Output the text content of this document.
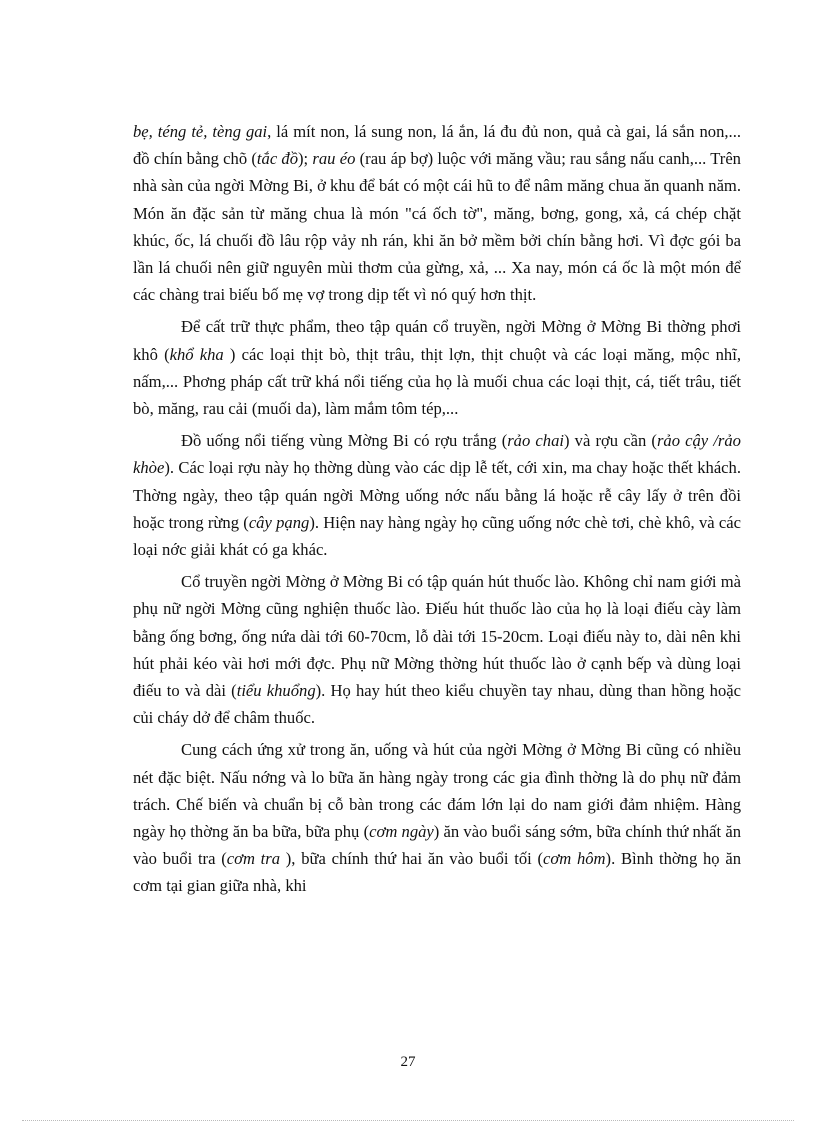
bẹ, téng tẻ, tèng gai, lá mít non, lá sung non, lá ắn, lá đu đủ non, quả cà gai, lá sắn non,... đồ chín bằng chõ (tắc đồ); rau éo (rau áp bợ) luộc với măng vầu; rau sắng nấu canh,... Trên nhà sàn của ngời Mờng Bi, ở khu để bát có một cái hũ to để nâm măng chua ăn quanh năm. Món ăn đặc sản từ măng chua là món "cá ốch tờ", măng, bơng, gong, xả, cá chép chặt khúc, ốc, lá chuối đồ lâu rộp vảy nh rán, khi ăn bở mềm bởi chín bằng hơi. Vì đợc gói ba lần lá chuối nên giữ nguyên mùi thơm của gừng, xả, ... Xa nay, món cá ốc là một món để các chàng trai biếu bố mẹ vợ trong dịp tết vì nó quý hơn thịt.

Để cất trữ thực phẩm, theo tập quán cổ truyền, ngời Mờng ở Mờng Bi thờng phơi khô (khổ kha ) các loại thịt bò, thịt trâu, thịt lợn, thịt chuột và các loại măng, mộc nhĩ, nấm,... Phơng pháp cất trữ khá nổi tiếng của họ là muối chua các loại thịt, cá, tiết trâu, tiết bò, măng, rau cải (muối da), làm mắm tôm tép,...

Đồ uống nổi tiếng vùng Mờng Bi có rợu trắng (rảo chai) và rợu cần (rảo cậy /rảo khòe). Các loại rợu này họ thờng dùng vào các dịp lễ tết, cới xin, ma chay hoặc thết khách. Thờng ngày, theo tập quán ngời Mờng uống nớc nấu bằng lá hoặc rễ cây lấy ở trên đồi hoặc trong rừng (cây pạng). Hiện nay hàng ngày họ cũng uống nớc chè tơi, chè khô, và các loại nớc giải khát có ga khác.

Cổ truyền ngời Mờng ở Mờng Bi có tập quán hút thuốc lào. Không chỉ nam giới mà phụ nữ ngời Mờng cũng nghiện thuốc lào. Điếu hút thuốc lào của họ là loại điếu cày làm bằng ống bơng, ống nứa dài tới 60-70cm, lỗ dài tới 15-20cm. Loại điếu này to, dài nên khi hút phải kéo vài hơi mới đợc. Phụ nữ Mờng thờng hút thuốc lào ở cạnh bếp và dùng loại điếu to và dài (tiểu khuổng). Họ hay hút theo kiểu chuyền tay nhau, dùng than hồng hoặc củi cháy dở để châm thuốc.

Cung cách ứng xử trong ăn, uống và hút của ngời Mờng ở Mờng Bi cũng có nhiều nét đặc biệt. Nấu nớng và lo bữa ăn hàng ngày trong các gia đình thờng là do phụ nữ đảm trách. Chế biến và chuẩn bị cỗ bàn trong các đám lớn lại do nam giới đảm nhiệm. Hàng ngày họ thờng ăn ba bữa, bữa phụ (cơm ngày) ăn vào buổi sáng sớm, bữa chính thứ nhất ăn vào buổi tra (cơm tra ), bữa chính thứ hai ăn vào buổi tối (cơm hôm). Bình thờng họ ăn cơm tại gian giữa nhà, khi

27
